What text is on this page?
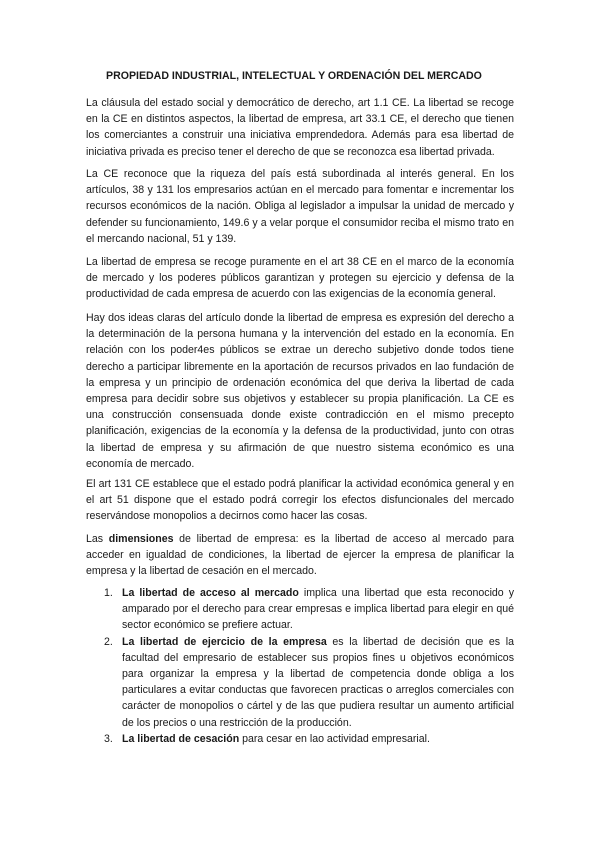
PROPIEDAD INDUSTRIAL, INTELECTUAL Y ORDENACIÓN DEL MERCADO

La cláusula del estado social y democrático de derecho, art 1.1 CE. La libertad se recoge en la CE en distintos aspectos, la libertad de empresa, art 33.1 CE, el derecho que tienen los comerciantes a construir una iniciativa emprendedora. Además para esa libertad de iniciativa privada es preciso tener el derecho de que se reconozca esa libertad privada.

La CE reconoce que la riqueza del país está subordinada al interés general. En los artículos, 38 y 131 los empresarios actúan en el mercado para fomentar e incrementar los recursos económicos de la nación. Obliga al legislador a impulsar la unidad de mercado y defender su funcionamiento, 149.6 y a velar porque el consumidor reciba el mismo trato en el mercando nacional, 51 y 139.

La libertad de empresa se recoge puramente en el art 38 CE en el marco de la economía de mercado y los poderes públicos garantizan y protegen su ejercicio y defensa de la productividad de cada empresa de acuerdo con las exigencias de la economía general.

Hay dos ideas claras del artículo donde la libertad de empresa es expresión del derecho a la determinación de la persona humana y la intervención del estado en la economía. En relación con los poder4es públicos se extrae un derecho subjetivo donde todos tiene derecho a participar libremente en la aportación de recursos privados en lao fundación de la empresa y un principio de ordenación económica del que deriva la libertad de cada empresa para decidir sobre sus objetivos y establecer su propia planificación. La CE es una construcción consensuada donde existe contradicción en el mismo precepto planificación, exigencias de la economía y la defensa de la productividad, junto con otras la libertad de empresa y su afirmación de que nuestro sistema económico es una economía de mercado.

El art 131 CE establece que el estado podrá planificar la actividad económica general y en el art 51 dispone que el estado podrá corregir los efectos disfuncionales del mercado reservándose monopolios a decirnos como hacer las cosas.

Las dimensiones de libertad de empresa: es la libertad de acceso al mercado para acceder en igualdad de condiciones, la libertad de ejercer la empresa de planificar la empresa y la libertad de cesación en el mercado.

1. La libertad de acceso al mercado implica una libertad que esta reconocido y amparado por el derecho para crear empresas e implica libertad para elegir en qué sector económico se prefiere actuar.
2. La libertad de ejercicio de la empresa es la libertad de decisión que es la facultad del empresario de establecer sus propios fines u objetivos económicos para organizar la empresa y la libertad de competencia donde obliga a los particulares a evitar conductas que favorecen practicas o arreglos comerciales con carácter de monopolios o cártel y de las que pudiera resultar un aumento artificial de los precios o una restricción de la producción.
3. La libertad de cesación para cesar en lao actividad empresarial.
